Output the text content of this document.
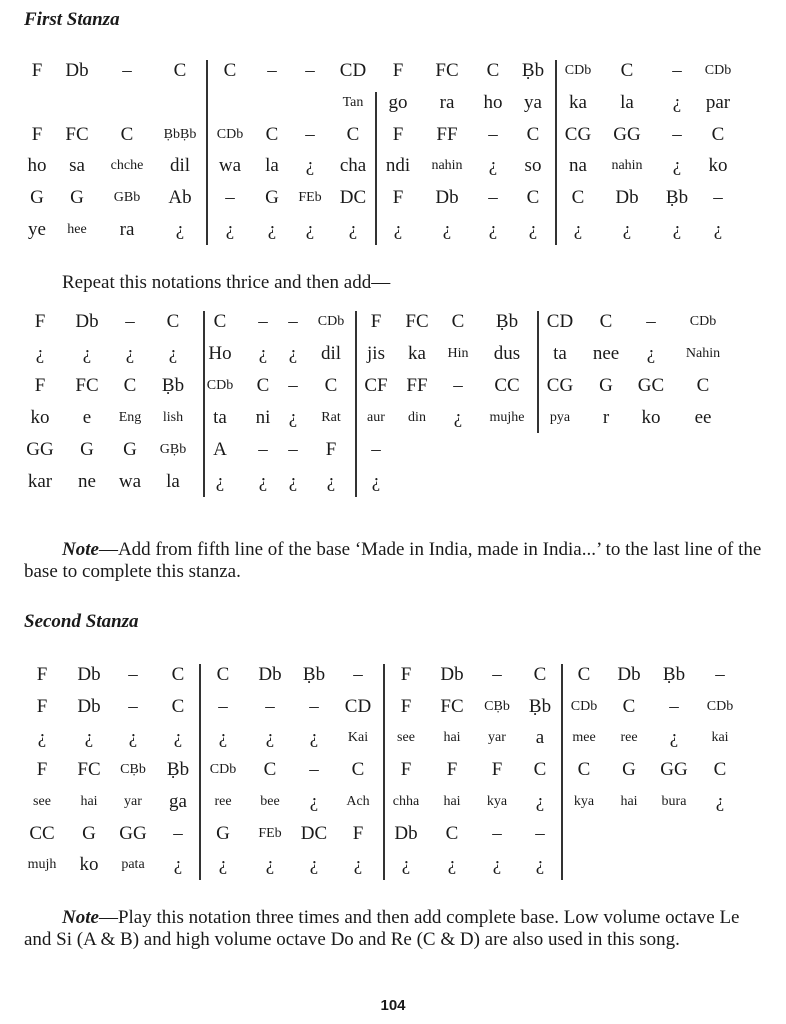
First Stanza
F Db – C C – – CD F FC C Ḅb CDb C – CDb
Tan go ra ho ya ka la ¿ par
F FC C ḄbḄb CDb C – C F FF – C CG GG – C
ho sa chche dil wa la ¿ cha ndi nahin ¿ so na nahin ¿ ko
G G GBb Ab – G FEb DC F Db – C C Db Ḅb –
ye hee ra ¿ ¿ ¿ ¿ ¿ ¿ ¿ ¿ ¿ ¿ ¿ ¿ ¿
Repeat this notations thrice and then add—
F Db – C C – – CDb F FC C Ḅb CD C – CDb
¿ ¿ ¿ ¿ Ho ¿ ¿ dil jis ka Hin dus ta nee ¿ Nahin
F FC C Ḅb CDb C – C CF FF – CC CG G GC C
ko e Eng lish ta ni ¿ Rat aur din ¿ mujhe pya r ko ee
GG G G GḄb A – – F –
kar ne wa la ¿ ¿ ¿ ¿ ¿
Note—Add from fifth line of the base ‘Made in India, made in India...’ to the last line of the base to complete this stanza.
Second Stanza
F Db – C C Db Ḅb – F Db – C C Db Ḅb –
F Db – C – – – CD F FC CḄb Ḅb CDb C – CDb
¿ ¿ ¿ ¿ ¿ ¿ ¿ Kai see hai yar a mee ree ¿ kai
F FC CḄb Ḅb CDb C – C F F F C C G GG C
see hai yar ga ree bee ¿ Ach chha hai kya ¿ kya hai bura ¿
CC G GG – G FEb DC F Db C – –
mujh ko pata ¿ ¿ ¿ ¿ ¿ ¿ ¿ ¿ ¿
Note—Play this notation three times and then add complete base. Low volume octave Le and Si (A & B) and high volume octave Do and Re (C & D) are also used in this song.
104
